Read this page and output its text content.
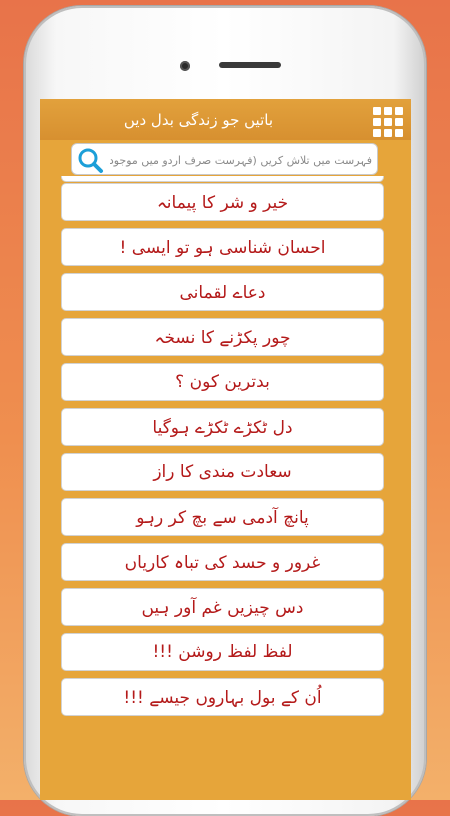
باتیں جو زندگی بدل دیں
فہرست میں تلاش کریں (فہرست صرف اردو میں موجود ہے)
خیر و شر کا پیمانہ
احسان شناسی ہو تو ایسی !
دعاے لقمانی
چور پکڑنے کا نسخہ
بدترین کون ؟
دل ٹکڑے ٹکڑے ہوگیا
سعادت مندی کا راز
پانچ آدمی سے بچ کر رہو
غرور و حسد کی تباہ کاریاں
دس چیزیں غم آور ہیں
لفظ لفظ روشن !!!
اُن کے بول بہاروں جیسے !!!
